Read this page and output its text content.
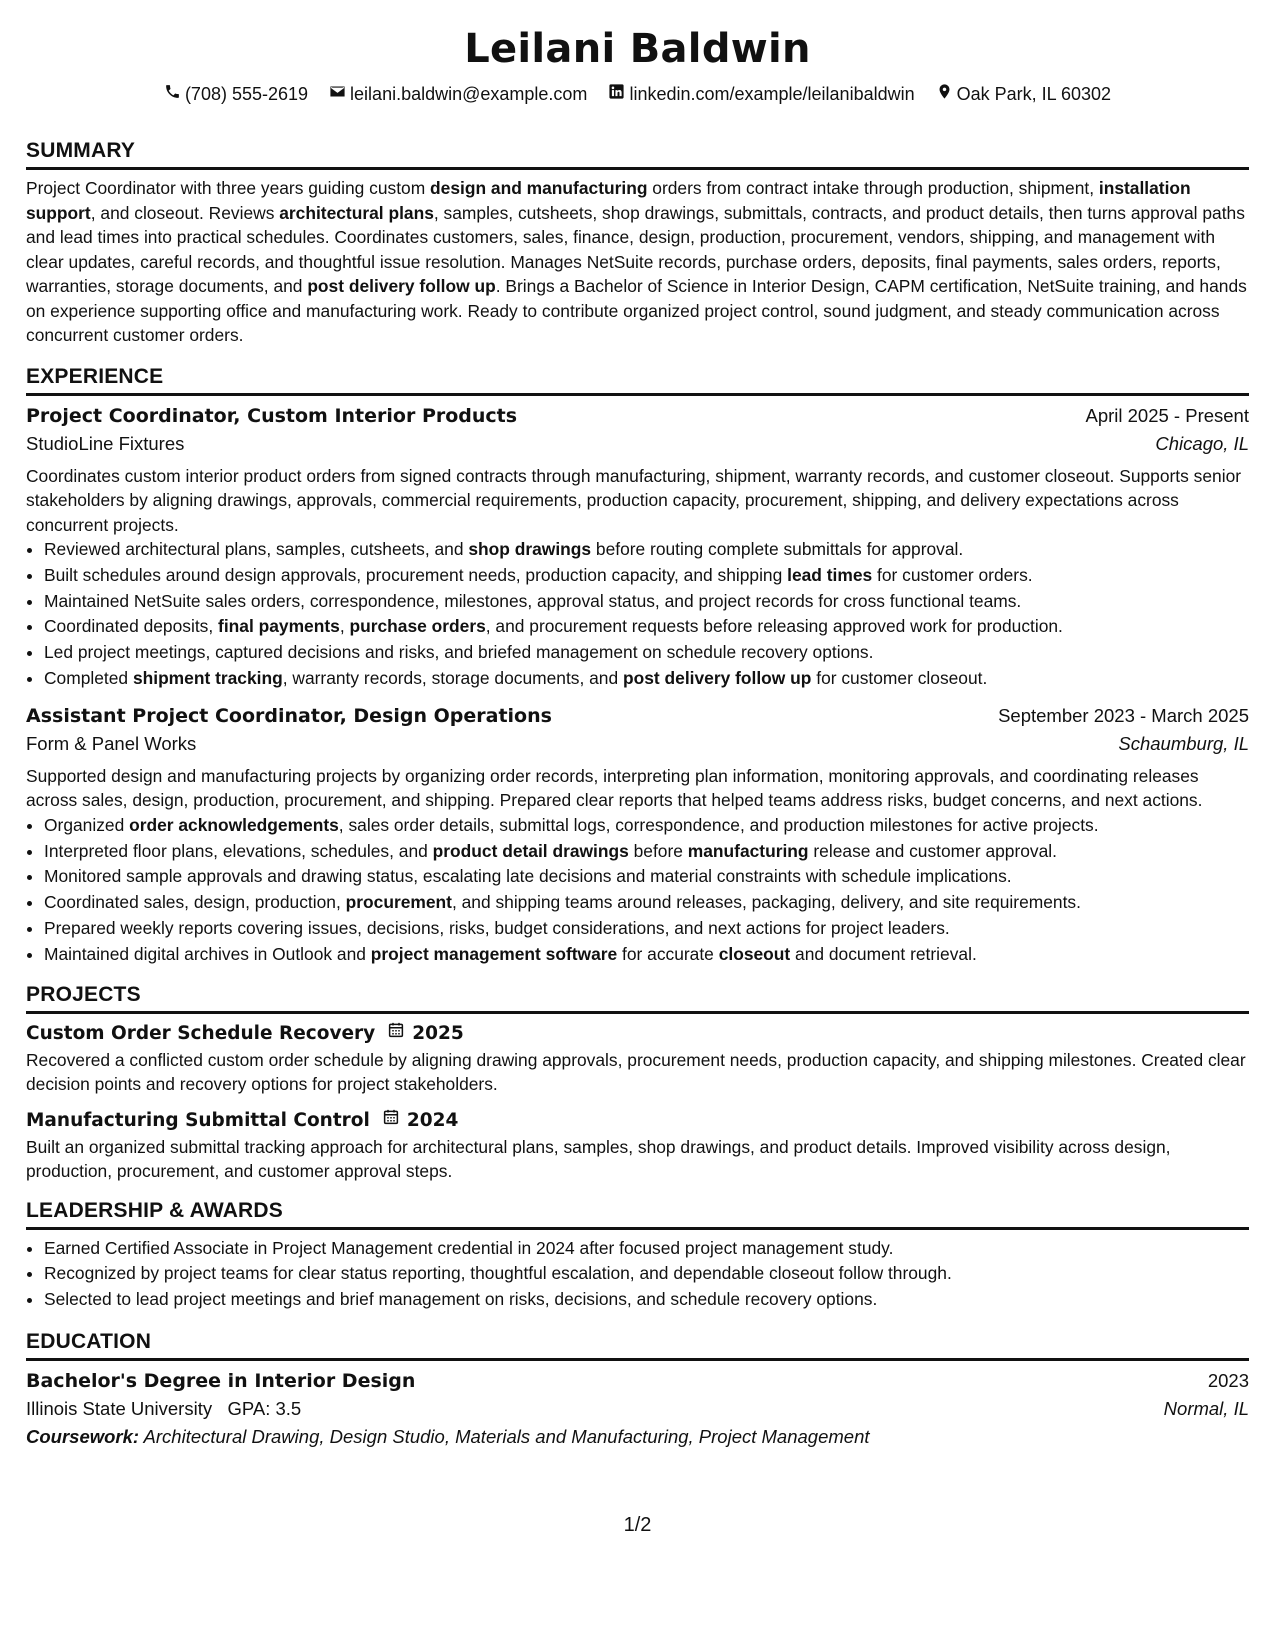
Leilani Baldwin
(708) 555-2619
leilani.baldwin@example.com
linkedin.com/example/leilanibaldwin
Oak Park, IL 60302
SUMMARY

Project Coordinator with three years guiding custom design and manufacturing orders from contract intake through production, shipment, installation support, and closeout. Reviews architectural plans, samples, cutsheets, shop drawings, submittals, contracts, and product details, then turns approval paths and lead times into practical schedules. Coordinates customers, sales, finance, design, production, procurement, vendors, shipping, and management with clear updates, careful records, and thoughtful issue resolution. Manages NetSuite records, purchase orders, deposits, final payments, sales orders, reports, warranties, storage documents, and post delivery follow up. Brings a Bachelor of Science in Interior Design, CAPM certification, NetSuite training, and hands on experience supporting office and manufacturing work. Ready to contribute organized project control, sound judgment, and steady communication across concurrent customer orders.

EXPERIENCE
Project Coordinator, Custom Interior Products	April 2025 - Present
StudioLine Fixtures	Chicago, IL

Coordinates custom interior product orders from signed contracts through manufacturing, shipment, warranty records, and customer closeout. Supports senior stakeholders by aligning drawings, approvals, commercial requirements, production capacity, procurement, shipping, and delivery expectations across concurrent projects.

• Reviewed architectural plans, samples, cutsheets, and shop drawings before routing complete submittals for approval.
• Built schedules around design approvals, procurement needs, production capacity, and shipping lead times for customer orders.
• Maintained NetSuite sales orders, correspondence, milestones, approval status, and project records for cross functional teams.
• Coordinated deposits, final payments, purchase orders, and procurement requests before releasing approved work for production.
• Led project meetings, captured decisions and risks, and briefed management on schedule recovery options.
• Completed shipment tracking, warranty records, storage documents, and post delivery follow up for customer closeout.
Assistant Project Coordinator, Design Operations	September 2023 - March 2025
Form & Panel Works	Schaumburg, IL

Supported design and manufacturing projects by organizing order records, interpreting plan information, monitoring approvals, and coordinating releases across sales, design, production, procurement, and shipping. Prepared clear reports that helped teams address risks, budget concerns, and next actions.

• Organized order acknowledgements, sales order details, submittal logs, correspondence, and production milestones for active projects.
• Interpreted floor plans, elevations, schedules, and product detail drawings before manufacturing release and customer approval.
• Monitored sample approvals and drawing status, escalating late decisions and material constraints with schedule implications.
• Coordinated sales, design, production, procurement, and shipping teams around releases, packaging, delivery, and site requirements.
• Prepared weekly reports covering issues, decisions, risks, budget considerations, and next actions for project leaders.
• Maintained digital archives in Outlook and project management software for accurate closeout and document retrieval.
PROJECTS
Custom Order Schedule Recovery 2025

Recovered a conflicted custom order schedule by aligning drawing approvals, procurement needs, production capacity, and shipping milestones. Created clear decision points and recovery options for project stakeholders.

Manufacturing Submittal Control 2024

Built an organized submittal tracking approach for architectural plans, samples, shop drawings, and product details. Improved visibility across design, production, procurement, and customer approval steps.

LEADERSHIP & AWARDS
• Earned Certified Associate in Project Management credential in 2024 after focused project management study.
• Recognized by project teams for clear status reporting, thoughtful escalation, and dependable closeout follow through.
• Selected to lead project meetings and brief management on risks, decisions, and schedule recovery options.
EDUCATION
Bachelor's Degree in Interior Design	2023
Illinois State University GPA: 3.5	Normal, IL
Coursework: Architectural Drawing, Design Studio, Materials and Manufacturing, Project Management
1/2
